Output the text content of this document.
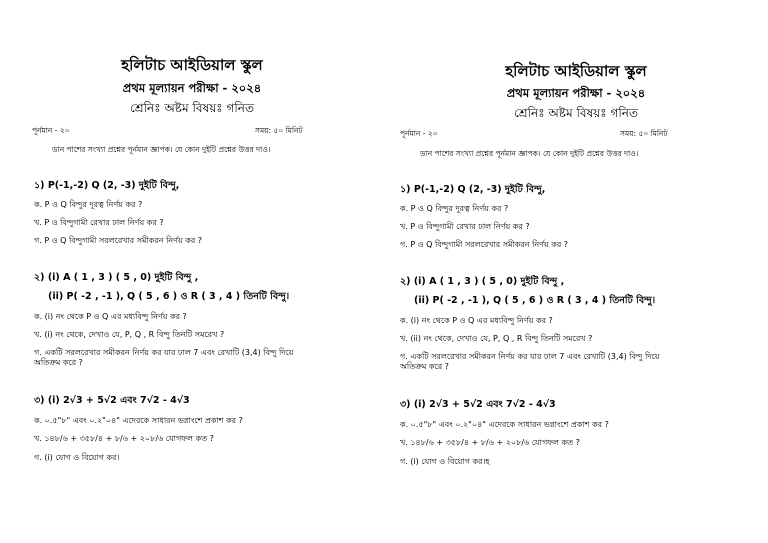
হলিটাচ আইডিয়াল স্কুল
প্রথম মূল্যায়ন পরীক্ষা - ২০২৪
শ্রেনিঃ অষ্টম বিষয়ঃ গনিত
পূর্নমান - ২০	সময়: ৫০ মিনিট
ডান পাশের সংখ্যা প্রশ্নের পূর্নমান জ্ঞাপক। যে কোন দুইটি প্রশ্নের উত্তর দাও।
১) P(-1,-2) Q (2, -3) দুইটি বিন্দু,
ক. P ও Q বিন্দুর দূরত্ব নির্ণয় কর ?
খ. P ও বিন্দুগামী রেখার ঢাল নির্ণয় কর ?
গ. P ও Q বিন্দুগামী সরলরেখার সমীকরন নির্ণয় কর ?
২) (i) A ( 1 , 3 ) ( 5 , 0) দুইটি বিন্দু ,
(ii) P( -2 , -1 ), Q ( 5 , 6 ) ও R ( 3 , 4 ) তিনটি বিন্দু।
ক. (i) নং থেকে P ও Q এর মধ্যবিন্দু নির্ণয় কর ?
খ. (i) নং থেকে, দেখাও যে, P, Q , R বিন্দু তিনটি সমরেখ ?
গ. একটি সরলরেখার সমীকরন নির্ণয় কর যার ঢাল 7 এবং রেখাটি (3,4) বিন্দু দিয়ে
অতিক্রম করে ?
৩) (i) 2√3 + 5√2 এবং 7√2 - 4√3
ক. ০.৫"৮" এবং ০.২"০৪" এদেরকে সাধারন ভগ্নাংশে প্রকাশ কর ?
খ. ১৪৮/৬ + ৩৫৮/৪ + ৮/৬ + ২০৮/৬ যোগফল কত ?
গ. (i) যোগ ও বিয়োগ কর।
হলিটাচ আইডিয়াল স্কুল
প্রথম মূল্যায়ন পরীক্ষা - ২০২৪
শ্রেনিঃ অষ্টম বিষয়ঃ গনিত
পূর্নমান - ২০	সময়: ৫০ মিনিট
ডান পাশের সংখ্যা প্রশ্নের পূর্নমান জ্ঞাপক। যে কোন দুইটি প্রশ্নের উত্তর দাও।
১) P(-1,-2) Q (2, -3) দুইটি বিন্দু,
ক. P ও Q বিন্দুর দূরত্ব নির্ণয় কর ?
খ. P ও বিন্দুগামী রেখার ঢাল নির্ণয় কর ?
গ. P ও Q বিন্দুগামী সরলরেখার সমীকরন নির্ণয় কর ?
২) (i) A ( 1 , 3 ) ( 5 , 0) দুইটি বিন্দু ,
(ii) P( -2 , -1 ), Q ( 5 , 6 ) ও R ( 3 , 4 ) তিনটি বিন্দু।
ক. (i) নং থেকে P ও Q এর মধ্যবিন্দু নির্ণয় কর ?
খ. (ii) নং থেকে, দেখাও যে, P, Q , R বিন্দু তিনটি সমরেখ ?
গ. একটি সরলরেখার সমীকরন নির্ণয় কর যার ঢাল 7 এবং রেখাটি (3,4) বিন্দু দিয়ে
অতিক্রম করে ?
৩) (i) 2√3 + 5√2 এবং 7√2 - 4√3
ক. ০.৫"৮" এবং ০.২"০৪" এদেরকে সাধারন ভগ্নাংশে প্রকাশ কর ?
খ. ১৪৮/৬ + ৩৫৮/৪ + ৮/৬ + ২০৮/৬ যোগফল কত ?
গ. (i) যোগ ও বিয়োগ কর।হ
